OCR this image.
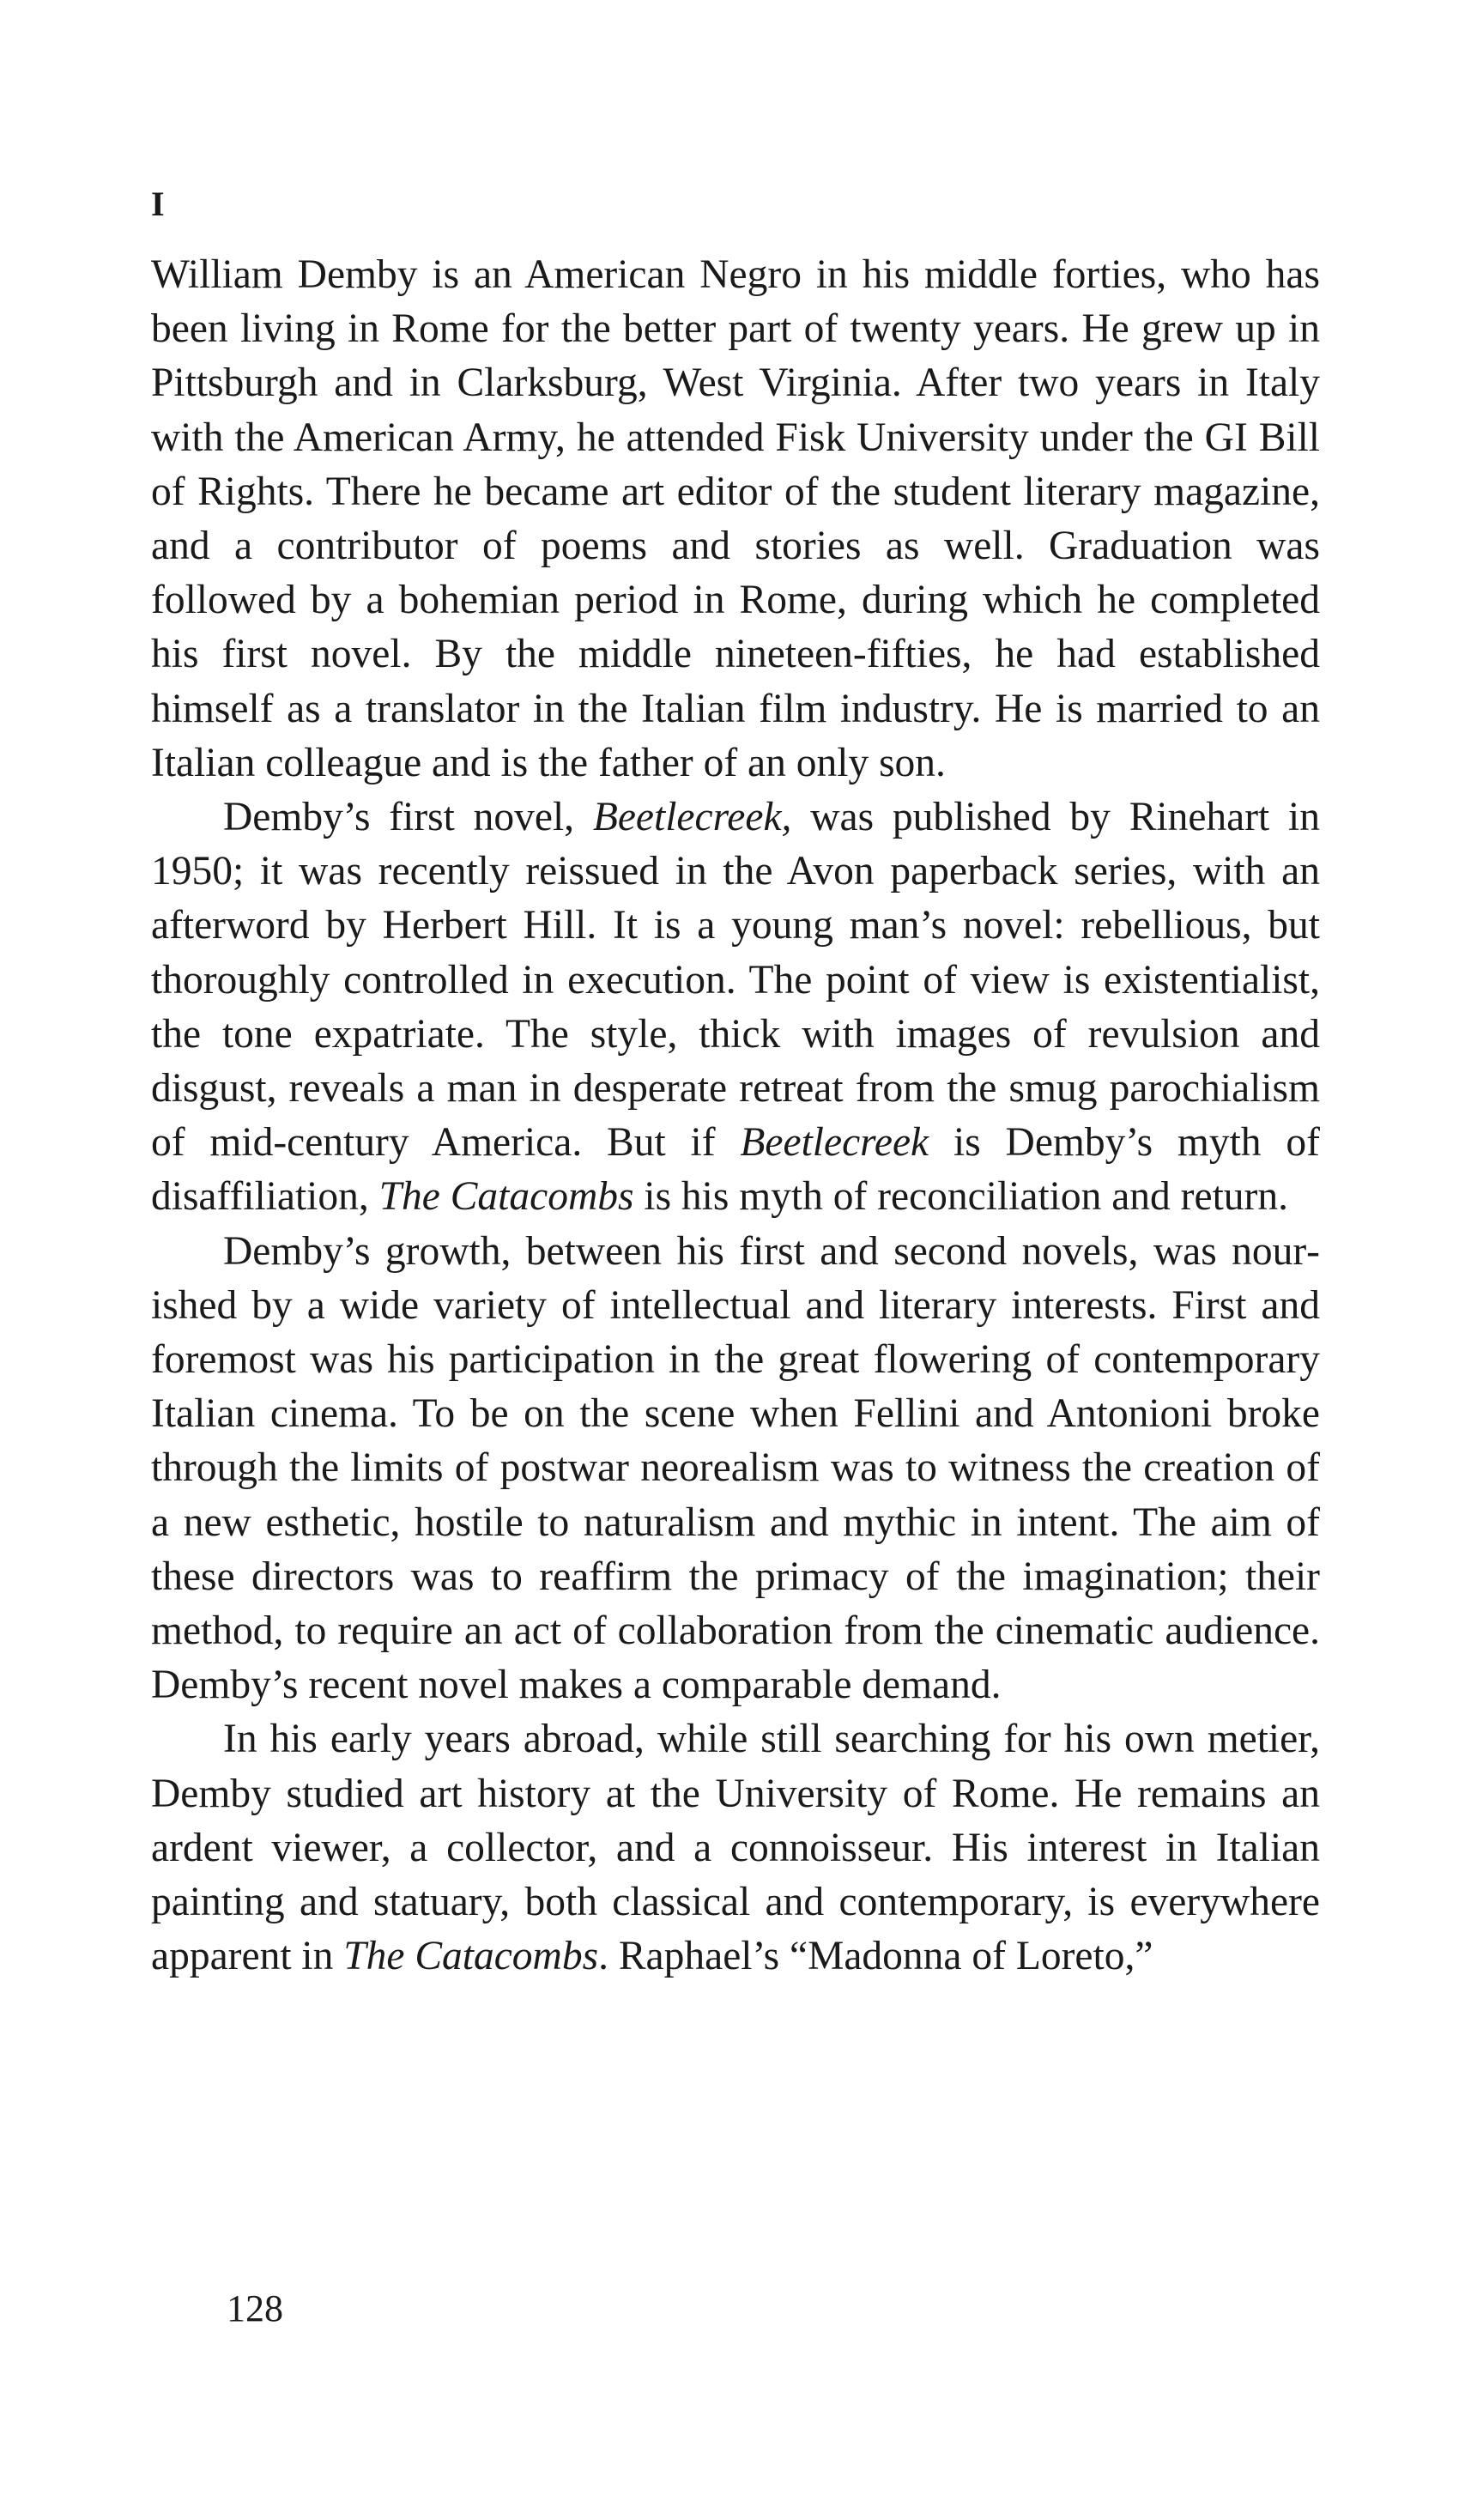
I

William Demby is an American Negro in his middle forties, who has been living in Rome for the better part of twenty years. He grew up in Pittsburgh and in Clarksburg, West Virginia. After two years in Italy with the American Army, he attended Fisk University under the GI Bill of Rights. There he became art editor of the student literary magazine, and a contributor of poems and stories as well. Graduation was followed by a bohemian period in Rome, during which he completed his first novel. By the middle nineteen-fifties, he had established himself as a translator in the Italian film industry. He is married to an Italian colleague and is the father of an only son.

Demby’s first novel, Beetlecreek, was published by Rinehart in 1950; it was recently reissued in the Avon paperback series, with an afterword by Herbert Hill. It is a young man’s novel: rebellious, but thoroughly controlled in execution. The point of view is existentialist, the tone expatriate. The style, thick with images of revulsion and disgust, reveals a man in desperate retreat from the smug parochialism of mid-century America. But if Beetlecreek is Demby’s myth of disaffiliation, The Catacombs is his myth of reconciliation and return.

Demby’s growth, between his first and second novels, was nourished by a wide variety of intellectual and literary interests. First and foremost was his participation in the great flowering of contemporary Italian cinema. To be on the scene when Fellini and Antonioni broke through the limits of postwar neorealism was to witness the creation of a new esthetic, hostile to naturalism and mythic in intent. The aim of these directors was to reaffirm the primacy of the imagination; their method, to require an act of collaboration from the cinematic audience. Demby’s recent novel makes a comparable demand.

In his early years abroad, while still searching for his own metier, Demby studied art history at the University of Rome. He remains an ardent viewer, a collector, and a connoisseur. His interest in Italian painting and statuary, both classical and contemporary, is everywhere apparent in The Catacombs. Raphael’s “Madonna of Loreto,”

128
